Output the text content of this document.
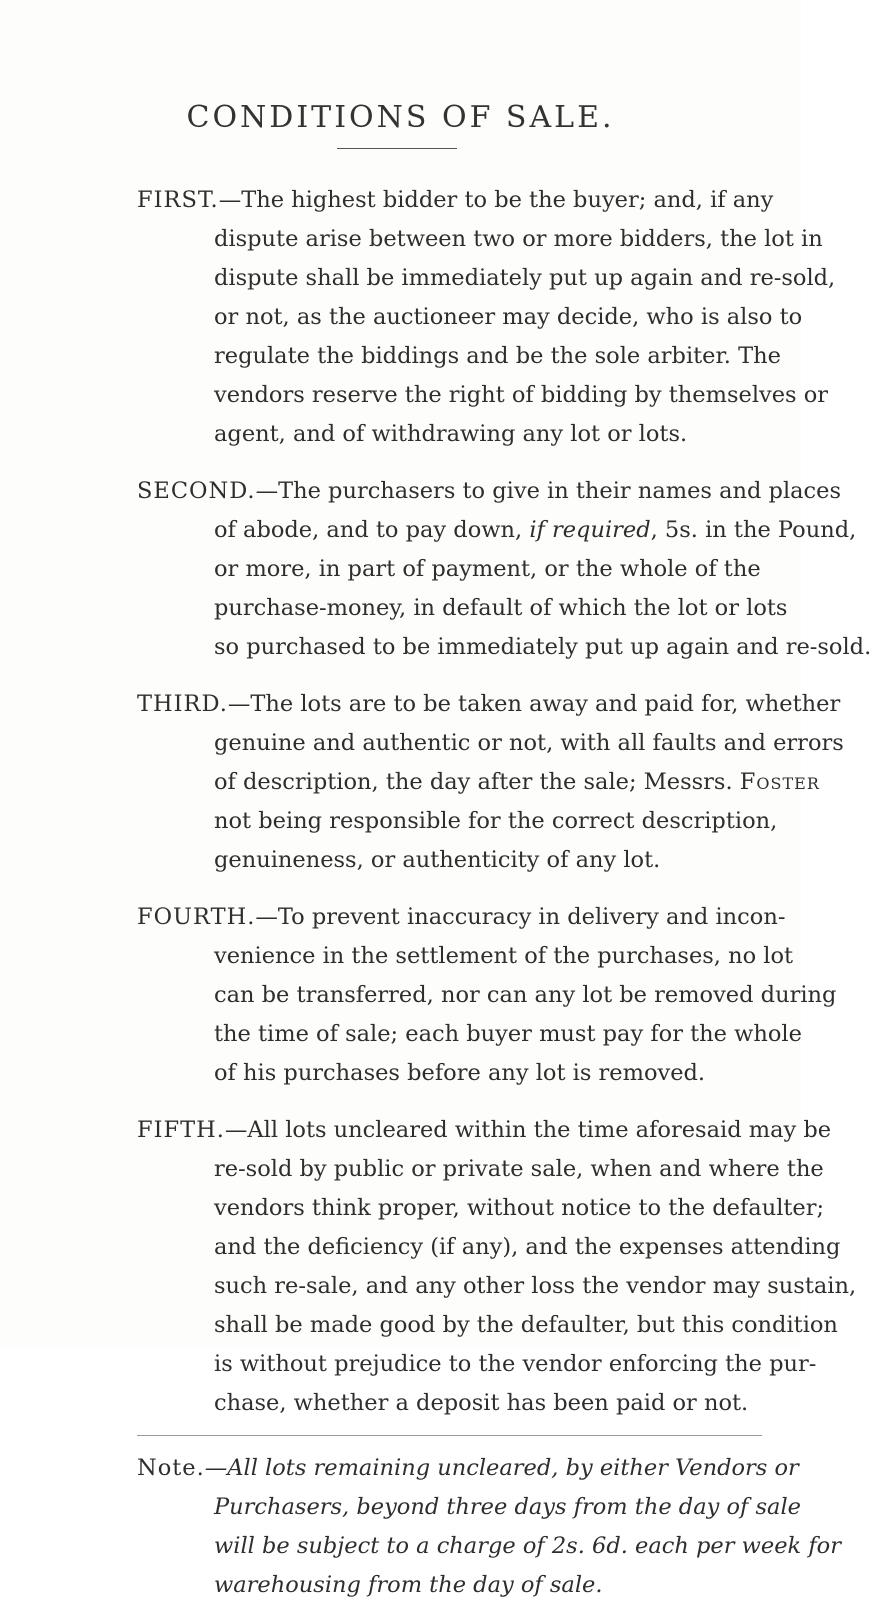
CONDITIONS OF SALE.
FIRST.—The highest bidder to be the buyer; and, if any
dispute arise between two or more bidders, the lot in
dispute shall be immediately put up again and re-sold,
or not, as the auctioneer may decide, who is also to
regulate the biddings and be the sole arbiter. The
vendors reserve the right of bidding by themselves or
agent, and of withdrawing any lot or lots.
SECOND.—The purchasers to give in their names and places
of abode, and to pay down, if required, 5s. in the Pound,
or more, in part of payment, or the whole of the
purchase-money, in default of which the lot or lots
so purchased to be immediately put up again and re-sold.
THIRD.—The lots are to be taken away and paid for, whether
genuine and authentic or not, with all faults and errors
of description, the day after the sale; Messrs. Foster
not being responsible for the correct description,
genuineness, or authenticity of any lot.
FOURTH.—To prevent inaccuracy in delivery and incon-
venience in the settlement of the purchases, no lot
can be transferred, nor can any lot be removed during
the time of sale; each buyer must pay for the whole
of his purchases before any lot is removed.
FIFTH.—All lots uncleared within the time aforesaid may be
re-sold by public or private sale, when and where the
vendors think proper, without notice to the defaulter;
and the deficiency (if any), and the expenses attending
such re-sale, and any other loss the vendor may sustain,
shall be made good by the defaulter, but this condition
is without prejudice to the vendor enforcing the pur-
chase, whether a deposit has been paid or not.
Note.—All lots remaining uncleared, by either Vendors or
Purchasers, beyond three days from the day of sale
will be subject to a charge of 2s. 6d. each per week for
warehousing from the day of sale.
